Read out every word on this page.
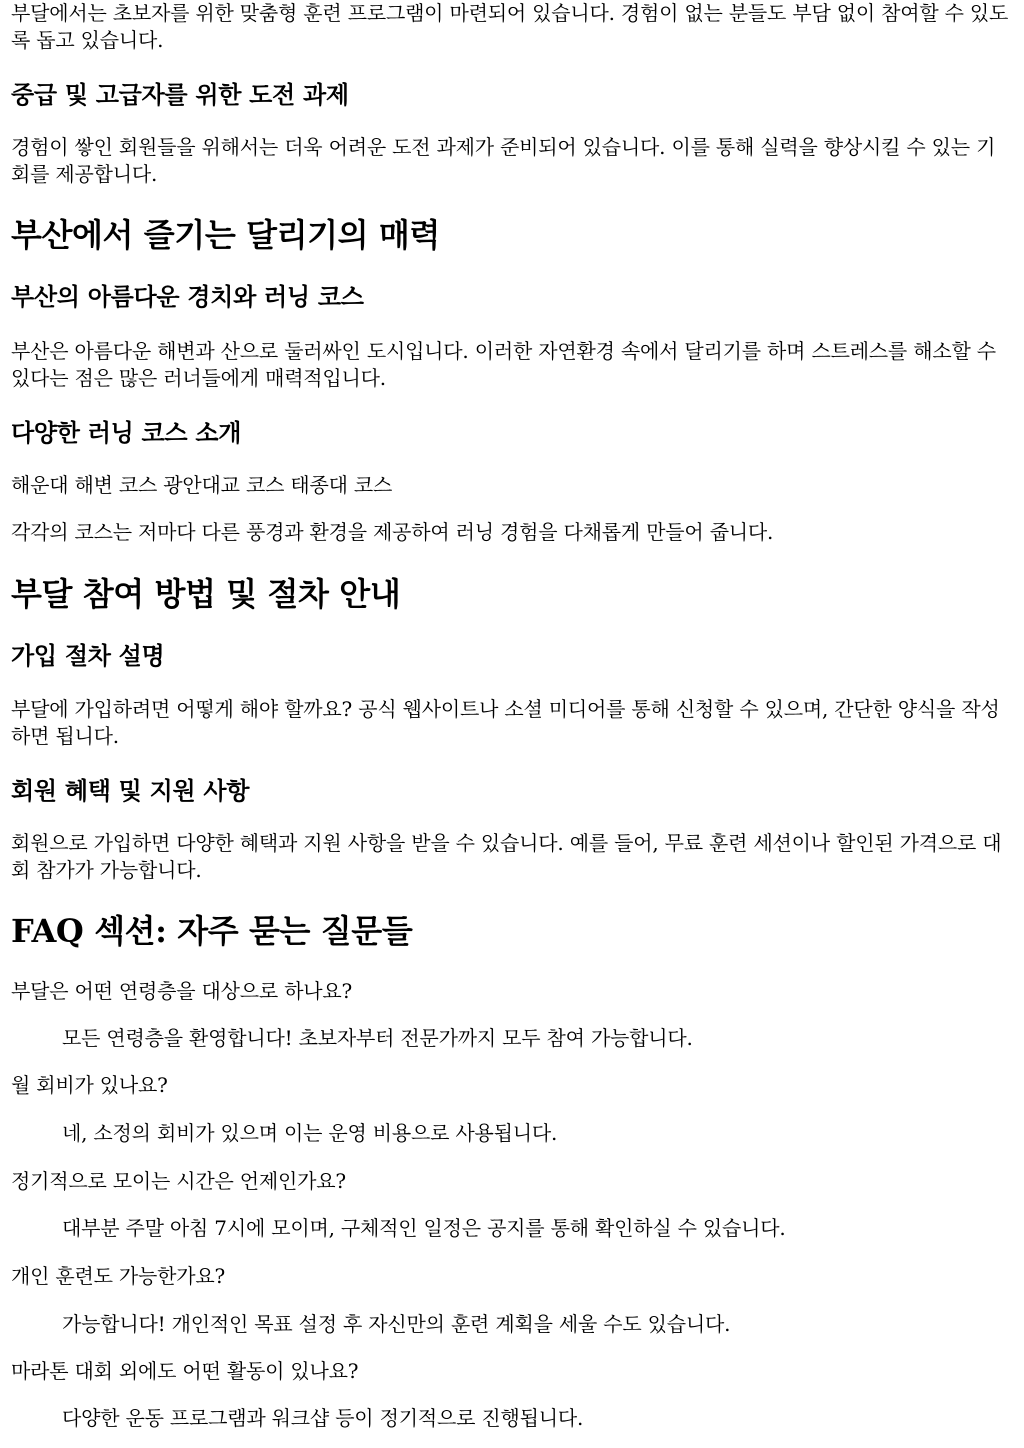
부달에서는 초보자를 위한 맞춤형 훈련 프로그램이 마련되어 있습니다. 경험이 없는 분들도 부담 없이 참여할 수 있도록 돕고 있습니다.

중급 및 고급자를 위한 도전 과제

경험이 쌓인 회원들을 위해서는 더욱 어려운 도전 과제가 준비되어 있습니다. 이를 통해 실력을 향상시킬 수 있는 기회를 제공합니다.

부산에서 즐기는 달리기의 매력
부산의 아름다운 경치와 러닝 코스

부산은 아름다운 해변과 산으로 둘러싸인 도시입니다. 이러한 자연환경 속에서 달리기를 하며 스트레스를 해소할 수 있다는 점은 많은 러너들에게 매력적입니다.

다양한 러닝 코스 소개

해운대 해변 코스 광안대교 코스 태종대 코스

각각의 코스는 저마다 다른 풍경과 환경을 제공하여 러닝 경험을 다채롭게 만들어 줍니다.

부달 참여 방법 및 절차 안내
가입 절차 설명

부달에 가입하려면 어떻게 해야 할까요? 공식 웹사이트나 소셜 미디어를 통해 신청할 수 있으며, 간단한 양식을 작성하면 됩니다.

회원 혜택 및 지원 사항

회원으로 가입하면 다양한 혜택과 지원 사항을 받을 수 있습니다. 예를 들어, 무료 훈련 세션이나 할인된 가격으로 대회 참가가 가능합니다.

FAQ 섹션: 자주 묻는 질문들

부달은 어떤 연령층을 대상으로 하나요?

모든 연령층을 환영합니다! 초보자부터 전문가까지 모두 참여 가능합니다.

월 회비가 있나요?

네, 소정의 회비가 있으며 이는 운영 비용으로 사용됩니다.

정기적으로 모이는 시간은 언제인가요?

대부분 주말 아침 7시에 모이며, 구체적인 일정은 공지를 통해 확인하실 수 있습니다.

개인 훈련도 가능한가요?

가능합니다! 개인적인 목표 설정 후 자신만의 훈련 계획을 세울 수도 있습니다.

마라톤 대회 외에도 어떤 활동이 있나요?

다양한 운동 프로그램과 워크샵 등이 정기적으로 진행됩니다.
